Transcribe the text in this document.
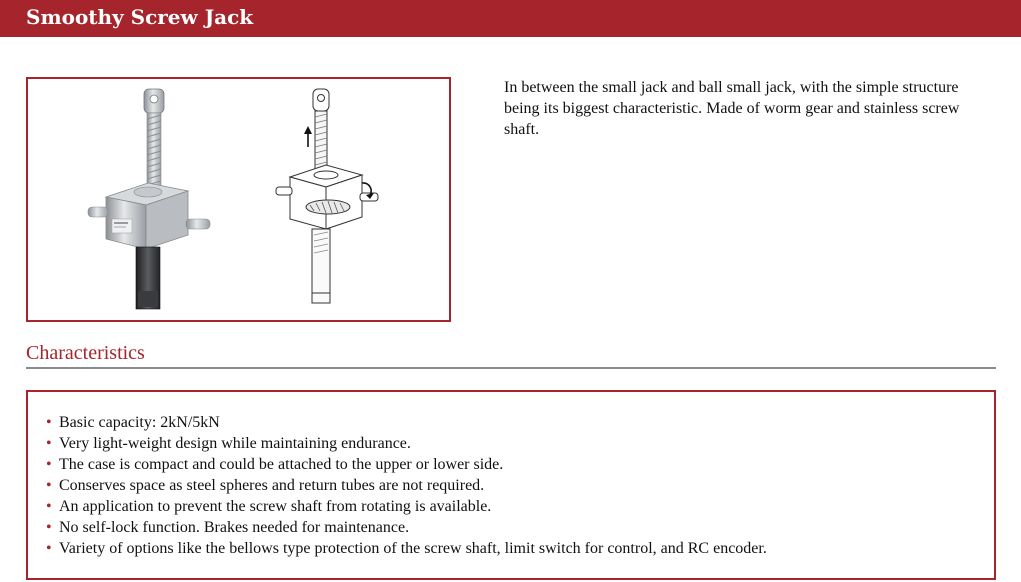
Smoothy Screw Jack
In between the small jack and ball small jack, with the simple structure being its biggest characteristic. Made of worm gear and stainless screw shaft.
Characteristics
• Basic capacity: 2kN/5kN
• Very light-weight design while maintaining endurance.
• The case is compact and could be attached to the upper or lower side.
• Conserves space as steel spheres and return tubes are not required.
• An application to prevent the screw shaft from rotating is available.
• No self-lock function. Brakes needed for maintenance.
• Variety of options like the bellows type protection of the screw shaft, limit switch for control, and RC encoder.
